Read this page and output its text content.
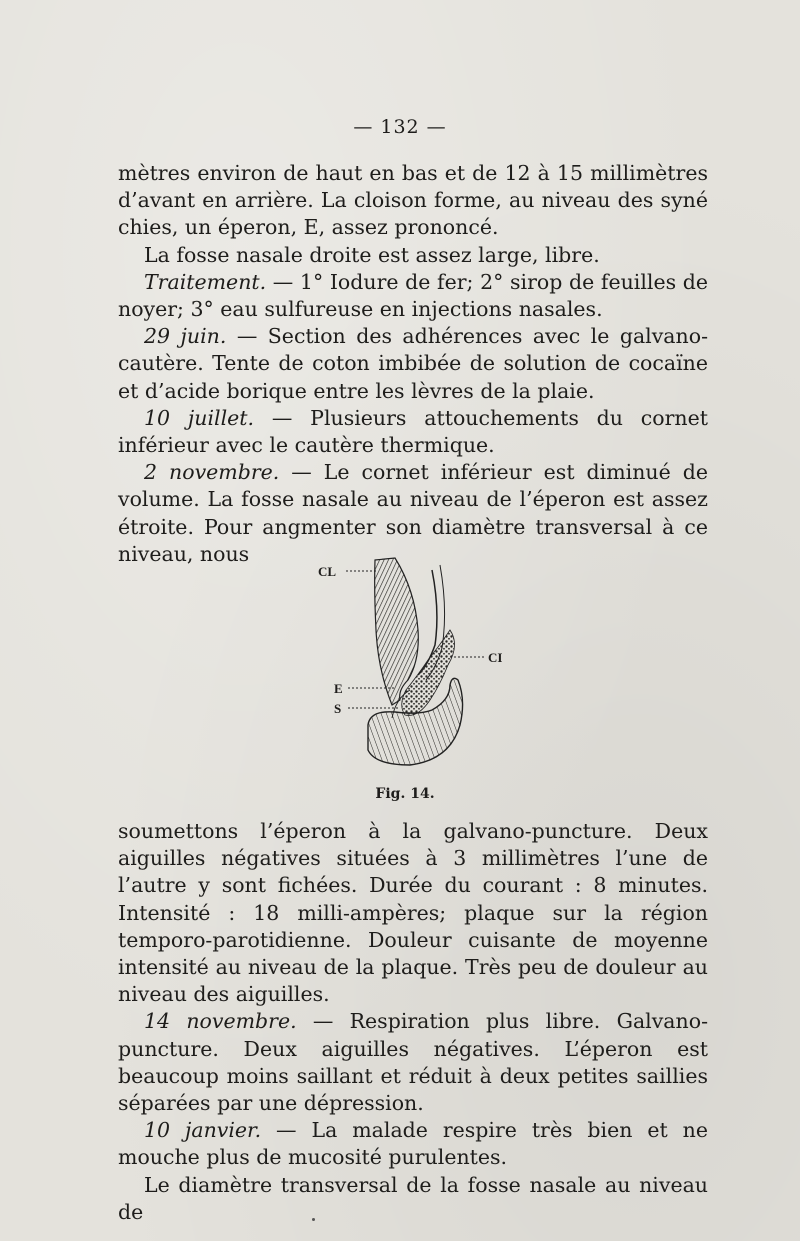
— 132 —

mètres environ de haut en bas et de 12 à 15 millimètres d’avant en arrière. La cloison forme, au niveau des syné chies, un éperon, E, assez prononcé.

La fosse nasale droite est assez large, libre.

Traitement. — 1° Iodure de fer; 2° sirop de feuilles de noyer; 3° eau sulfureuse en injections nasales.

29 juin. — Section des adhérences avec le galvano-cautère. Tente de coton imbibée de solution de cocaïne et d’acide borique entre les lèvres de la plaie.

10 juillet. — Plusieurs attouchements du cornet inférieur avec le cautère thermique.

2 novembre. — Le cornet inférieur est diminué de volume. La fosse nasale au niveau de l’éperon est assez étroite. Pour angmenter son diamètre transversal à ce niveau, nous

CL
CI
E
S
Fig. 14.

soumettons l’éperon à la galvano-puncture. Deux aiguilles négatives situées à 3 millimètres l’une de l’autre y sont fichées. Durée du courant : 8 minutes. Intensité : 18 milli-ampères; plaque sur la région temporo-parotidienne. Douleur cuisante de moyenne intensité au niveau de la plaque. Très peu de douleur au niveau des aiguilles.

14 novembre. — Respiration plus libre. Galvano-puncture. Deux aiguilles négatives. L’éperon est beaucoup moins saillant et réduit à deux petites saillies séparées par une dépression.

10 janvier. — La malade respire très bien et ne mouche plus de mucosité purulentes.

Le diamètre transversal de la fosse nasale au niveau de
